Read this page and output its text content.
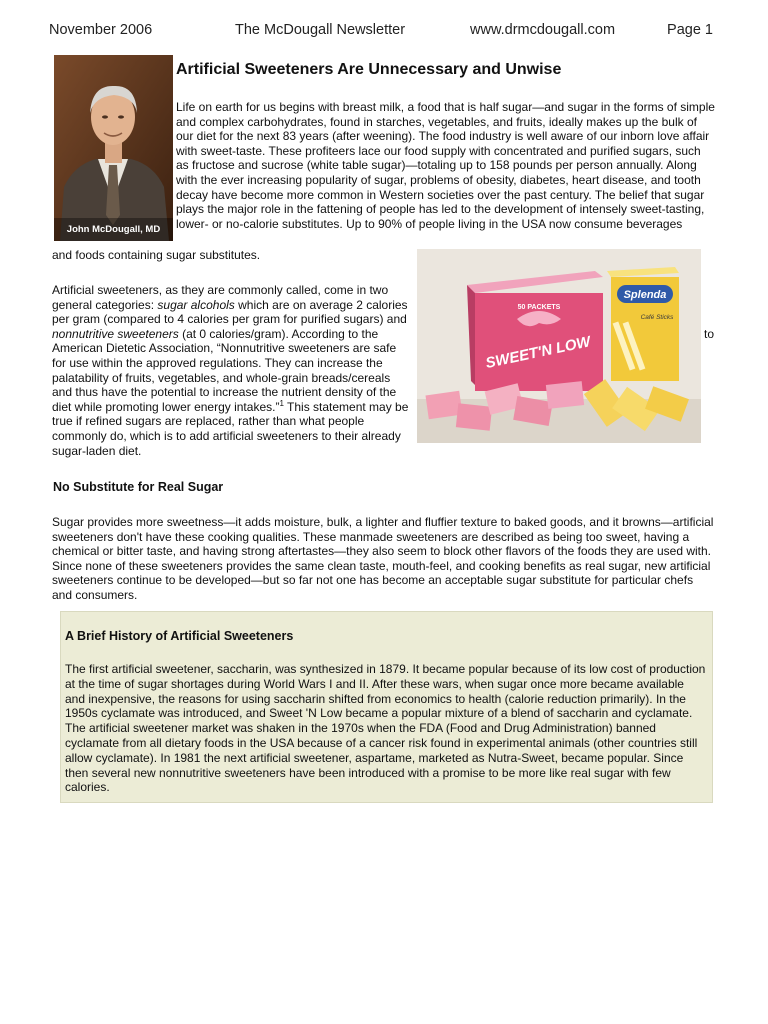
November 2006	The McDougall Newsletter	www.drmcdougall.com	Page 1
John McDougall, MD
Artificial Sweeteners Are Unnecessary and Unwise

Life on earth for us begins with breast milk, a food that is half sugar—and sugar in the forms of simple and complex carbohydrates, found in starches, vegetables, and fruits, ideally makes up the bulk of our diet for the next 83 years (after weening). The food industry is well aware of our inborn love affair with sweet-taste. These profiteers lace our food supply with concentrated and purified sugars, such as fructose and sucrose (white table sugar)—totaling up to 158 pounds per person annually. Along with the ever increasing popularity of sugar, problems of obesity, diabetes, heart disease, and tooth decay have become more common in Western societies over the past century. The belief that sugar plays the major role in the fattening of people has led to the development of intensely sweet-tasting, lower- or no-calorie substitutes. Up to 90% of people living in the USA now consume beverages

and foods containing sugar substitutes.

Artificial sweeteners, as they are commonly called, come in two general categories: sugar alcohols which are on average 2 calories per gram (compared to 4 calories per gram for purified sugars) and nonnutritive sweeteners (at 0 calories/gram). According to the American Dietetic Association, “Nonnutritive sweeteners are safe for use within the approved regulations. They can increase the palatability of fruits, vegetables, and whole-grain breads/cereals and thus have the potential to increase the nutrient density of the diet while promoting lower energy intakes.”$^1$ This statement may be true if refined sugars are replaced, rather than what people commonly do, which is to add artificial sweeteners to their already sugar-laden diet.

to
50 PACKETS
SWEET'N LOW
Splenda
Café Sticks
No Substitute for Real Sugar

Sugar provides more sweetness—it adds moisture, bulk, a lighter and fluffier texture to baked goods, and it browns—artificial sweeteners don't have these cooking qualities. These manmade sweeteners are described as being too sweet, having a chemical or bitter taste, and having strong aftertastes—they also seem to block other flavors of the foods they are used with. Since none of these sweeteners provides the same clean taste, mouth-feel, and cooking benefits as real sugar, new artificial sweeteners continue to be developed—but so far not one has become an acceptable sugar substitute for particular chefs and consumers.

A Brief History of Artificial Sweeteners

The first artificial sweetener, saccharin, was synthesized in 1879. It became popular because of its low cost of production at the time of sugar shortages during World Wars I and II. After these wars, when sugar once more became available and inexpensive, the reasons for using saccharin shifted from economics to health (calorie reduction primarily). In the 1950s cyclamate was introduced, and Sweet 'N Low became a popular mixture of a blend of saccharin and cyclamate. The artificial sweetener market was shaken in the 1970s when the FDA (Food and Drug Administration) banned cyclamate from all dietary foods in the USA because of a cancer risk found in experimental animals (other countries still allow cyclamate). In 1981 the next artificial sweetener, aspartame, marketed as Nutra-Sweet, became popular. Since then several new nonnutritive sweeteners have been introduced with a promise to be more like real sugar with few calories.
